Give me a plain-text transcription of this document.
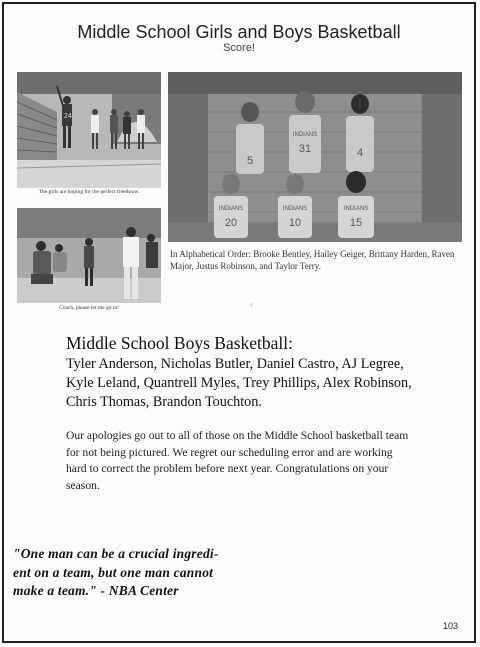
Middle School Girls and Boys Basketball
Score!
24
The girls are hoping for the perfect freethrow.
Coach, please let me go in!
5
31	4
INDIANS
INDIANS	INDIANS	INDIANS
20	10	15
In Alphabetical Order: Brooke Bentley, Hailey Geiger, Brittany Harden, Raven Major, Justus Robinson, and Taylor Terry.
‹
Middle School Boys Basketball:
Tyler Anderson, Nicholas Butler, Daniel Castro, AJ Legree, Kyle Leland, Quantrell Myles, Trey Phillips, Alex Robinson, Chris Thomas, Brandon Touchton.
Our apologies go out to all of those on the Middle School basketball team for not being pictured. We regret our scheduling error and are working hard to correct the problem before next year. Congratulations on your season.
"One man can be a crucial ingredi-
ent on a team, but one man cannot
make a team." - NBA Center
103
